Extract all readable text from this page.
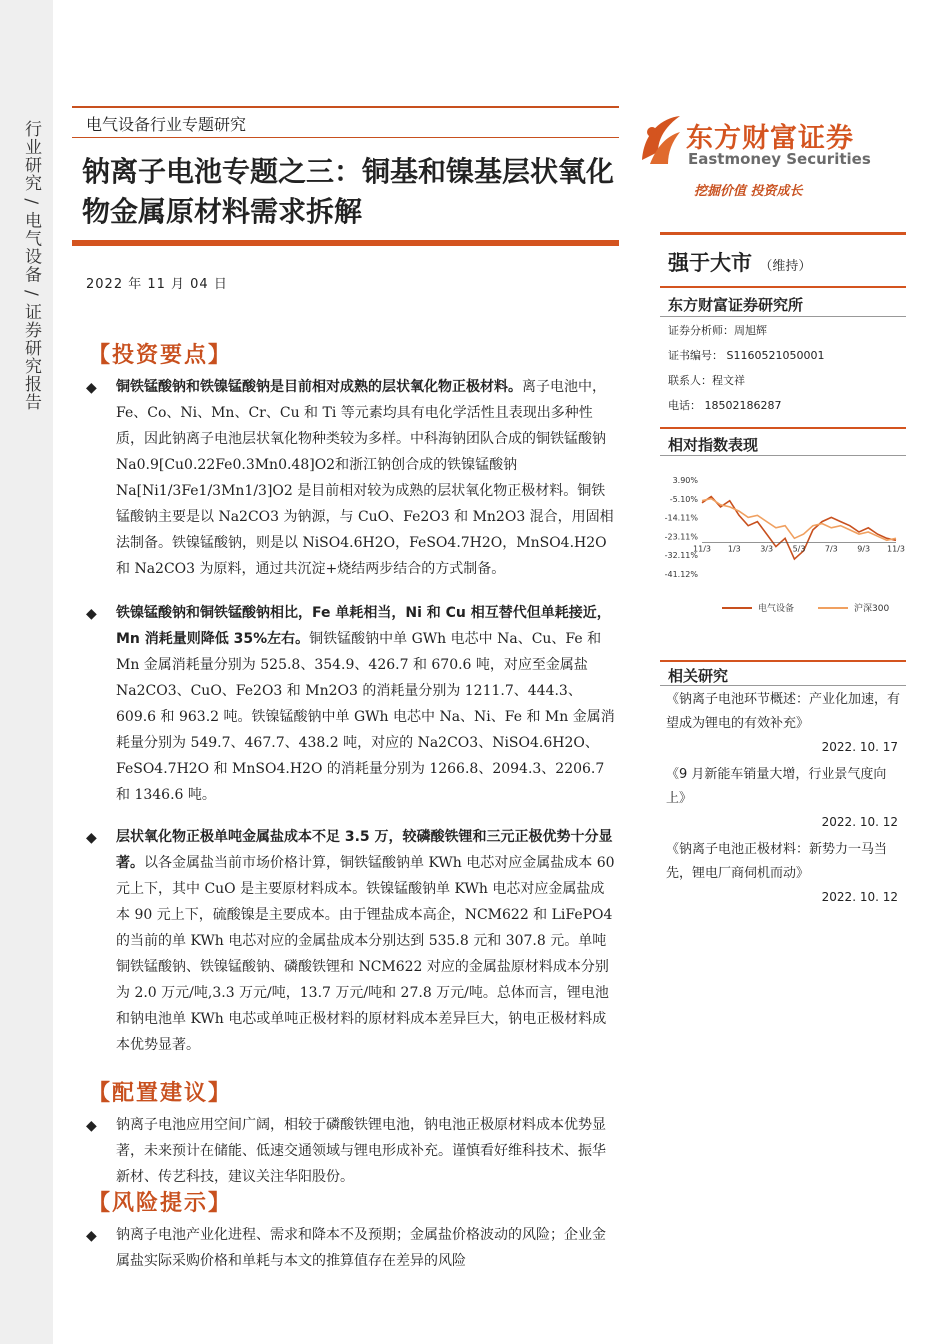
行业研究 / 电气设备 / 证券研究报告	电气设备行业专题研究
钠离子电池专题之三：铜基和镍基层状氧化物金属原材料需求拆解
2022 年 11 月 04 日
东方财富证券
Eastmoney Securities
挖掘价值 投资成长
强于大市 （维持）
东方财富证券研究所
证券分析师：周旭辉
证书编号： S1160521050001
联系人：程文祥
电话： 18502186287
相对指数表现
3.90%
-5.10%
-14.11%
-23.11%
-32.11%
-41.12%
11/3 1/3 3/3 5/3 7/3 9/3 11/3
电气设备	沪深300
相关研究
《钠离子电池环节概述：产业化加速，有望成为锂电的有效补充》
2022. 10. 17
《9 月新能车销量大增，行业景气度向上》
2022. 10. 12
《钠离子电池正极材料：新势力一马当先，锂电厂商伺机而动》
2022. 10. 12
【投资要点】
◆ 铜铁锰酸钠和铁镍锰酸钠是目前相对成熟的层状氧化物正极材料。离子电池中， Fe、Co、Ni、Mn、Cr、Cu 和 Ti 等元素均具有电化学活性且表现出多种性质，因此钠离子电池层状氧化物种类较为多样。中科海钠团队合成的铜铁锰酸钠 Na0.9[Cu0.22Fe0.3Mn0.48]O2和浙江钠创合成的铁镍锰酸钠 Na[Ni1/3Fe1/3Mn1/3]O2 是目前相对较为成熟的层状氧化物正极材料。铜铁锰酸钠主要是以 Na2CO3 为钠源，与 CuO、Fe2O3 和 Mn2O3 混合，用固相法制备。铁镍锰酸钠，则是以 NiSO4.6H2O，FeSO4.7H2O，MnSO4.H2O 和 Na2CO3 为原料，通过共沉淀+烧结两步结合的方式制备。

◆ 铁镍锰酸钠和铜铁锰酸钠相比，Fe 单耗相当，Ni 和 Cu 相互替代但单耗接近，Mn 消耗量则降低 35%左右。铜铁锰酸钠中单 GWh 电芯中 Na、Cu、Fe 和 Mn 金属消耗量分别为 525.8、354.9、426.7 和 670.6 吨，对应至金属盐 Na2CO3、CuO、Fe2O3 和 Mn2O3 的消耗量分别为 1211.7、444.3、609.6 和 963.2 吨。铁镍锰酸钠中单 GWh 电芯中 Na、Ni、Fe 和 Mn 金属消耗量分别为 549.7、467.7、438.2 吨，对应的 Na2CO3、NiSO4.6H2O、FeSO4.7H2O 和 MnSO4.H2O 的消耗量分别为 1266.8、2094.3、2206.7 和 1346.6 吨。

◆ 层状氧化物正极单吨金属盐成本不足 3.5 万，较磷酸铁锂和三元正极优势十分显著。以各金属盐当前市场价格计算，铜铁锰酸钠单 KWh 电芯对应金属盐成本 60 元上下，其中 CuO 是主要原材料成本。铁镍锰酸钠单 KWh 电芯对应金属盐成本 90 元上下，硫酸镍是主要成本。由于锂盐成本高企，NCM622 和 LiFePO4的当前的单 KWh 电芯对应的金属盐成本分别达到 535.8 元和 307.8 元。单吨铜铁锰酸钠、铁镍锰酸钠、磷酸铁锂和 NCM622 对应的金属盐原材料成本分别为 2.0 万元/吨,3.3 万元/吨，13.7 万元/吨和 27.8 万元/吨。总体而言，锂电池和钠电池单 KWh 电芯或单吨正极材料的原材料成本差异巨大，钠电正极材料成本优势显著。

【配置建议】
◆ 钠离子电池应用空间广阔，相较于磷酸铁锂电池，钠电池正极原材料成本优势显著，未来预计在储能、低速交通领域与锂电形成补充。谨慎看好维科技术、振华新材、传艺科技，建议关注华阳股份。

【风险提示】
◆ 钠离子电池产业化进程、需求和降本不及预期；金属盐价格波动的风险；企业金属盐实际采购价格和单耗与本文的推算值存在差异的风险
